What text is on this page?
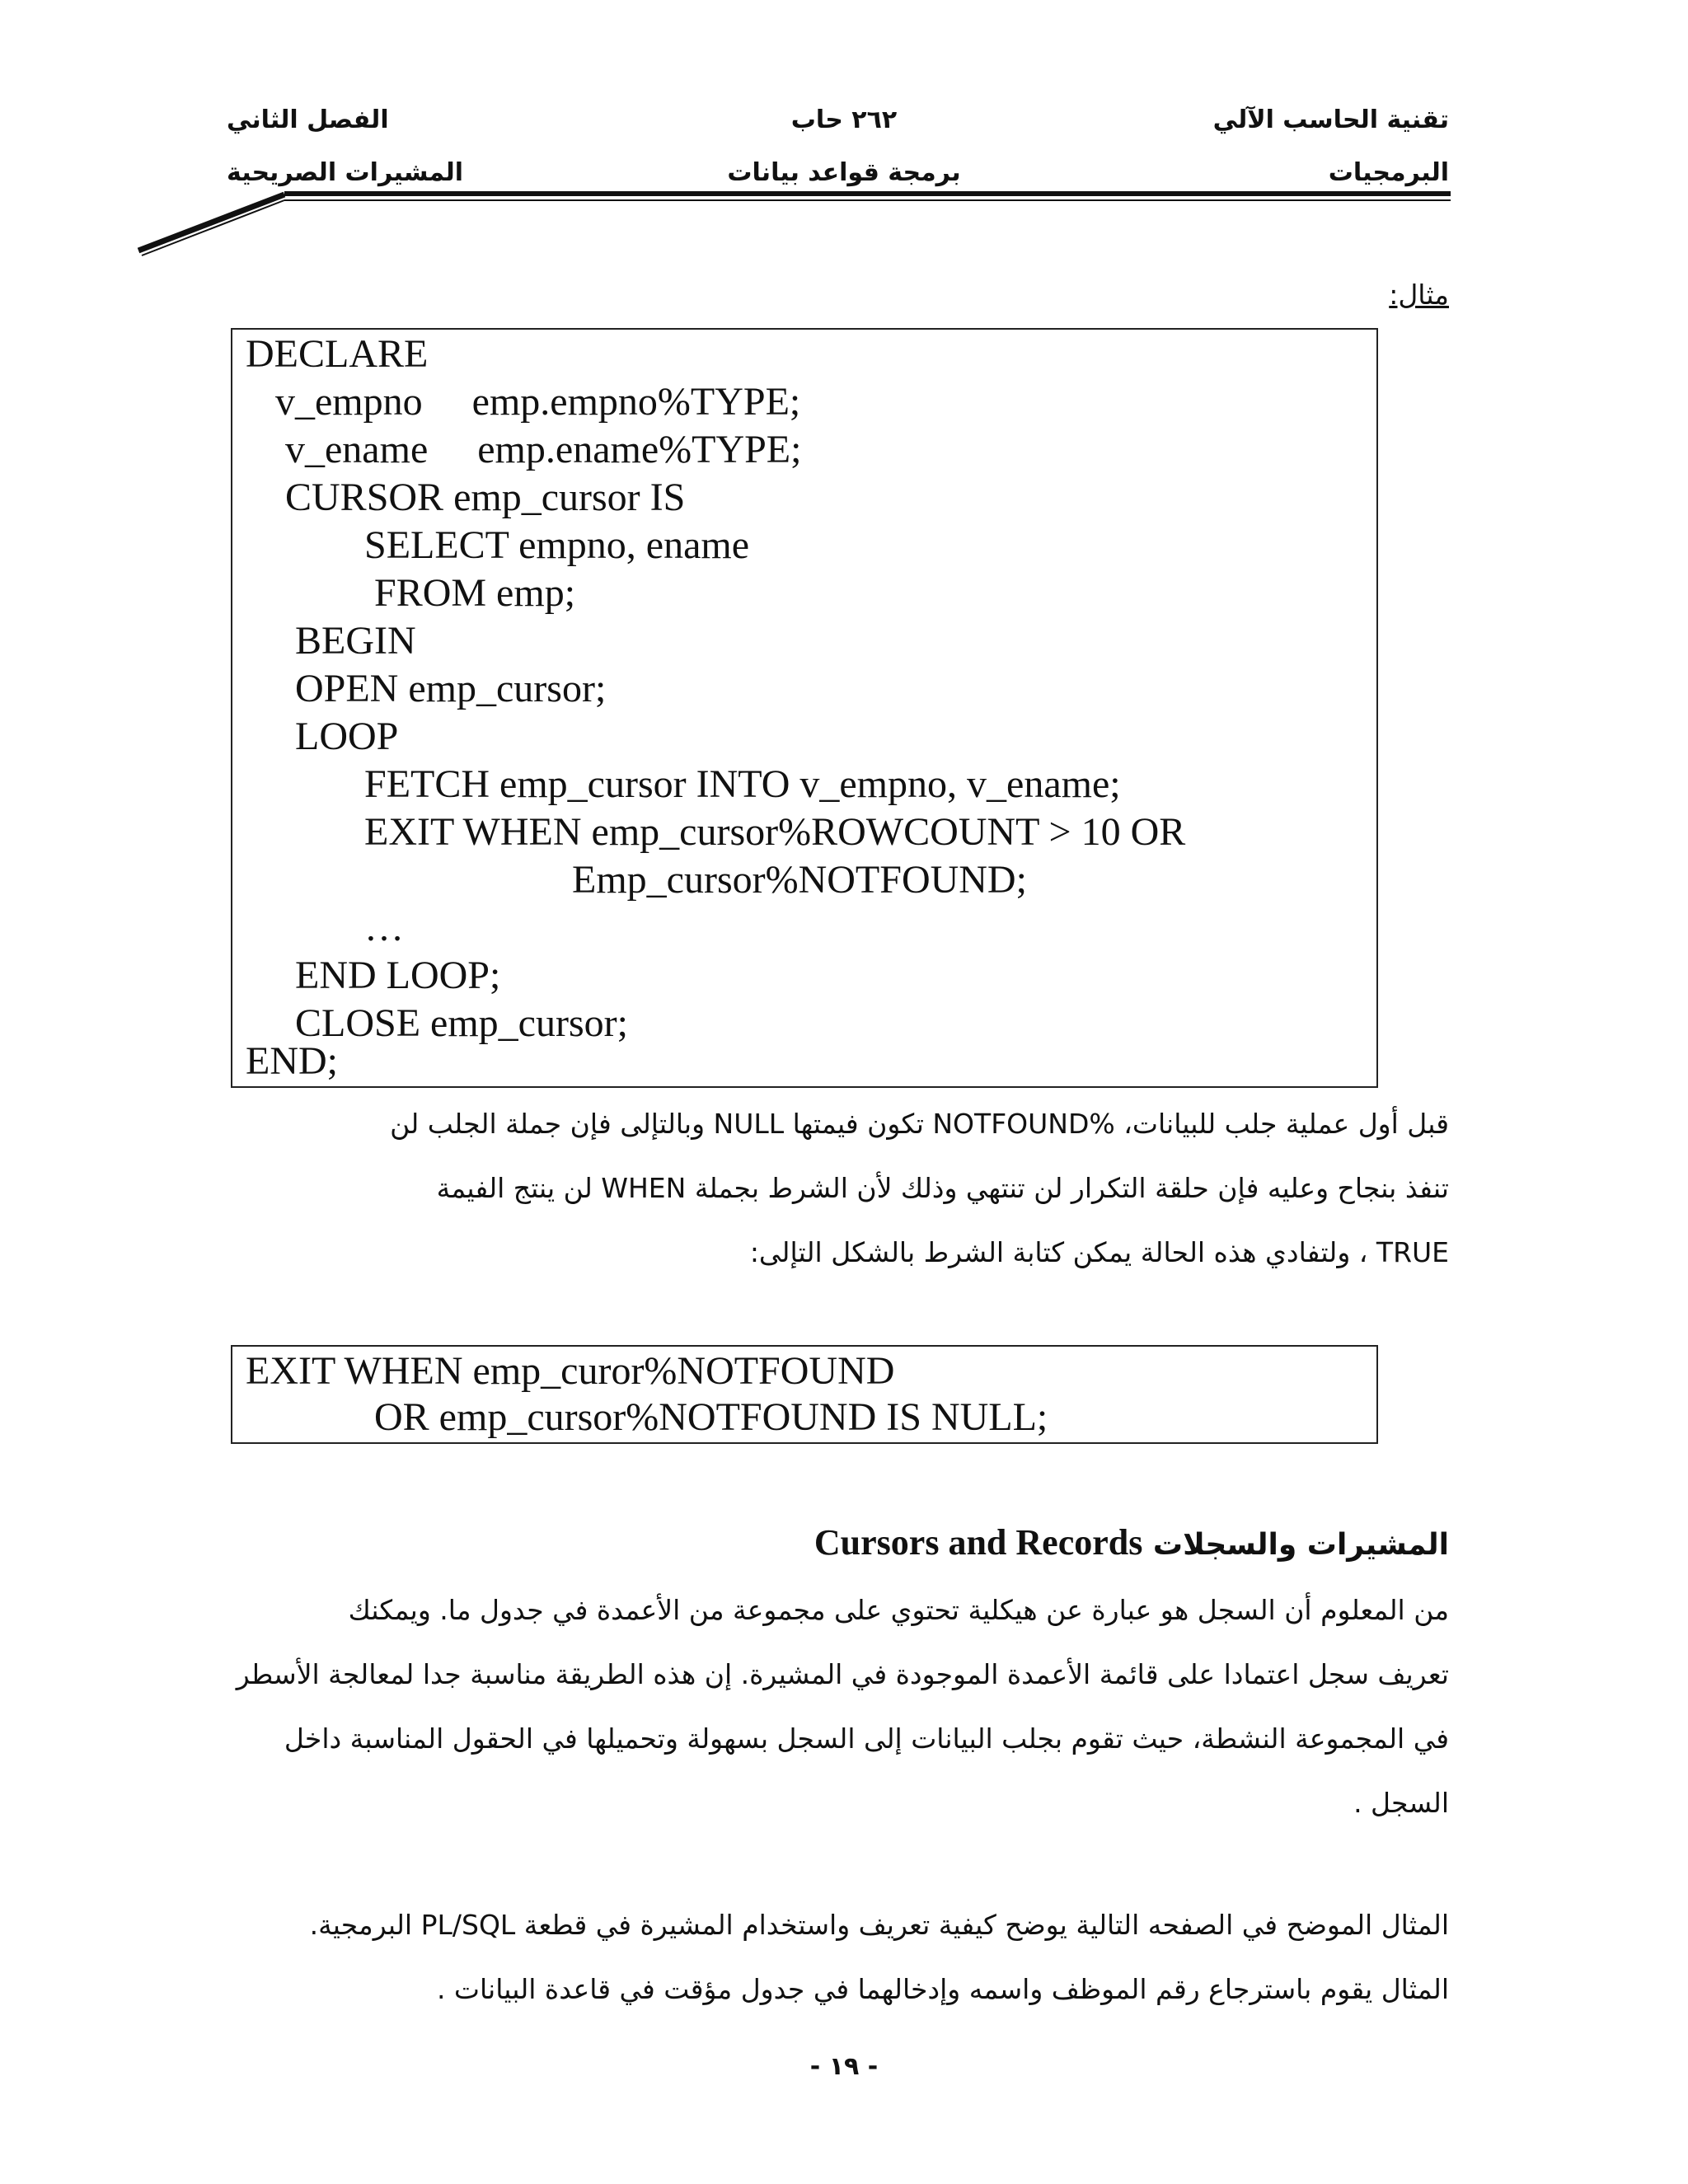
تقنية الحاسب الآلي
البرمجيات
٢٦٢ حاب
برمجة قواعد بيانات
الفصل الثاني
المشيرات الصريحية
مثال:
DECLARE
v_empno     emp.empno%TYPE;
v_ename     emp.ename%TYPE;
CURSOR emp_cursor IS
SELECT empno, ename
FROM emp;
BEGIN
OPEN emp_cursor;
LOOP
FETCH emp_cursor INTO v_empno, v_ename;
EXIT WHEN emp_cursor%ROWCOUNT > 10 OR
Emp_cursor%NOTFOUND;
…
END LOOP;
CLOSE emp_cursor;
END;
قبل أول عملية جلب للبيانات، %NOTFOUND تكون فيمتها NULL وبالتإلى فإن جملة الجلب لن
تنفذ بنجاح وعليه فإن حلقة التكرار لن تنتهي وذلك لأن الشرط بجملة WHEN لن ينتج الفيمة
TRUE ، ولتفادي هذه الحالة يمكن كتابة الشرط بالشكل التإلى:
EXIT WHEN emp_curor%NOTFOUND
OR emp_cursor%NOTFOUND IS NULL;
المشيرات والسجلات Cursors and Records
من المعلوم أن السجل هو عبارة عن هيكلية تحتوي على مجموعة من الأعمدة في جدول ما. ويمكنك
تعريف سجل اعتمادا على قائمة الأعمدة الموجودة في المشيرة. إن هذه الطريقة مناسبة جدا لمعالجة الأسطر
في المجموعة النشطة، حيث تقوم بجلب البيانات إلى السجل بسهولة وتحميلها في الحقول المناسبة داخل
السجل .
المثال الموضح في الصفحه التالية يوضح كيفية تعريف واستخدام المشيرة في قطعة PL/SQL البرمجية.
المثال يقوم باسترجاع رقم الموظف واسمه وإدخالهما في جدول مؤقت في قاعدة البيانات .
- ١٩ -
